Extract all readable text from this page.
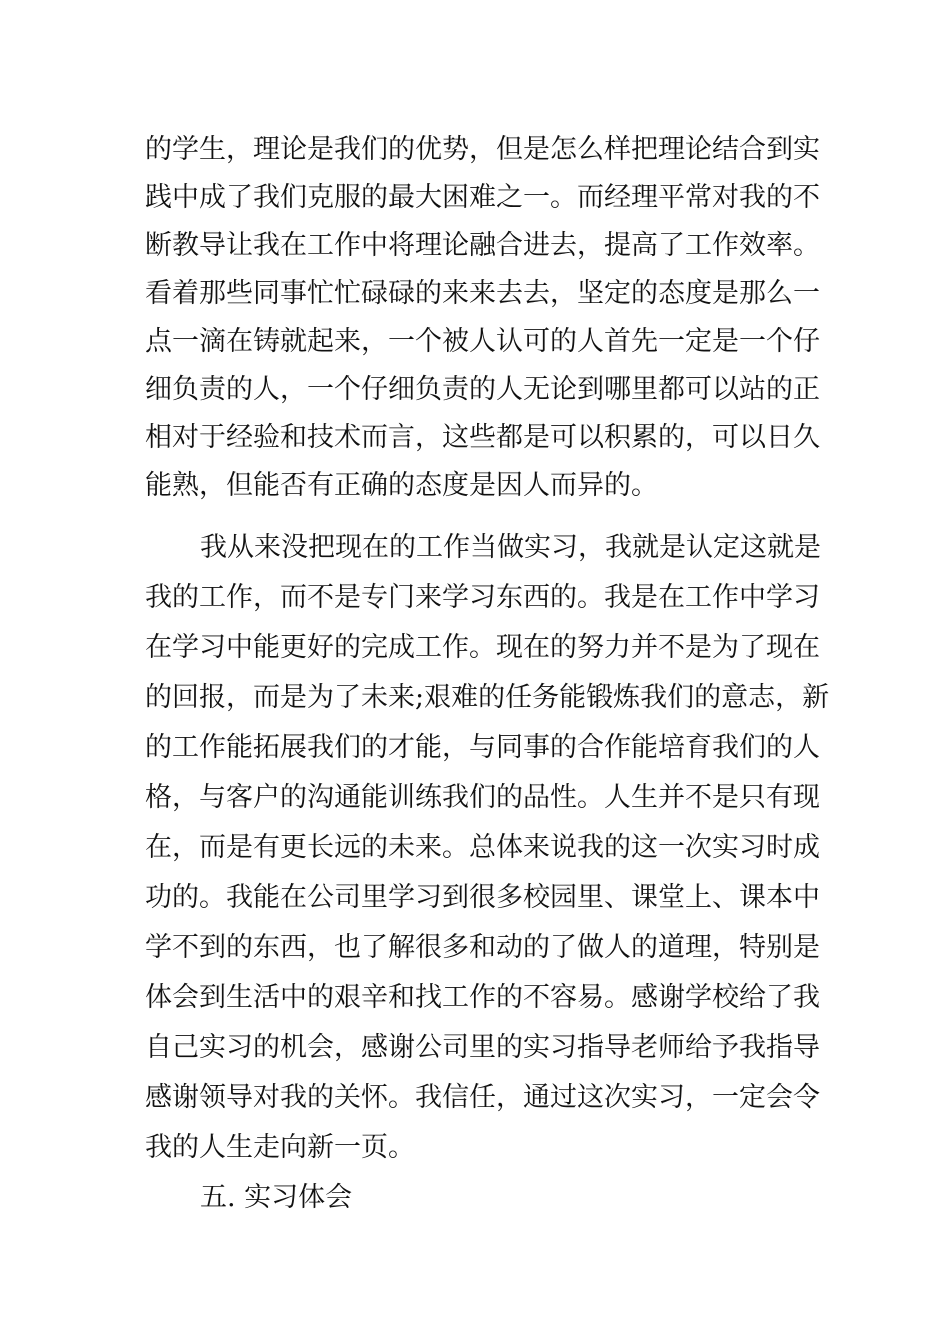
的学生，理论是我们的优势，但是怎么样把理论结合到实
践中成了我们克服的最大困难之一。而经理平常对我的不
断教导让我在工作中将理论融合进去，提高了工作效率。
看着那些同事忙忙碌碌的来来去去，坚定的态度是那么一
点一滴在铸就起来，一个被人认可的人首先一定是一个仔
细负责的人，一个仔细负责的人无论到哪里都可以站的正
相对于经验和技术而言，这些都是可以积累的，可以日久
能熟，但能否有正确的态度是因人而异的。
我从来没把现在的工作当做实习，我就是认定这就是
我的工作，而不是专门来学习东西的。我是在工作中学习
在学习中能更好的完成工作。现在的努力并不是为了现在
的回报，而是为了未来;艰难的任务能锻炼我们的意志，新
的工作能拓展我们的才能，与同事的合作能培育我们的人
格，与客户的沟通能训练我们的品性。人生并不是只有现
在，而是有更长远的未来。总体来说我的这一次实习时成
功的。我能在公司里学习到很多校园里、课堂上、课本中
学不到的东西，也了解很多和动的了做人的道理，特别是
体会到生活中的艰辛和找工作的不容易。感谢学校给了我
自己实习的机会，感谢公司里的实习指导老师给予我指导
感谢领导对我的关怀。我信任，通过这次实习，一定会令
我的人生走向新一页。
五. 实习体会
